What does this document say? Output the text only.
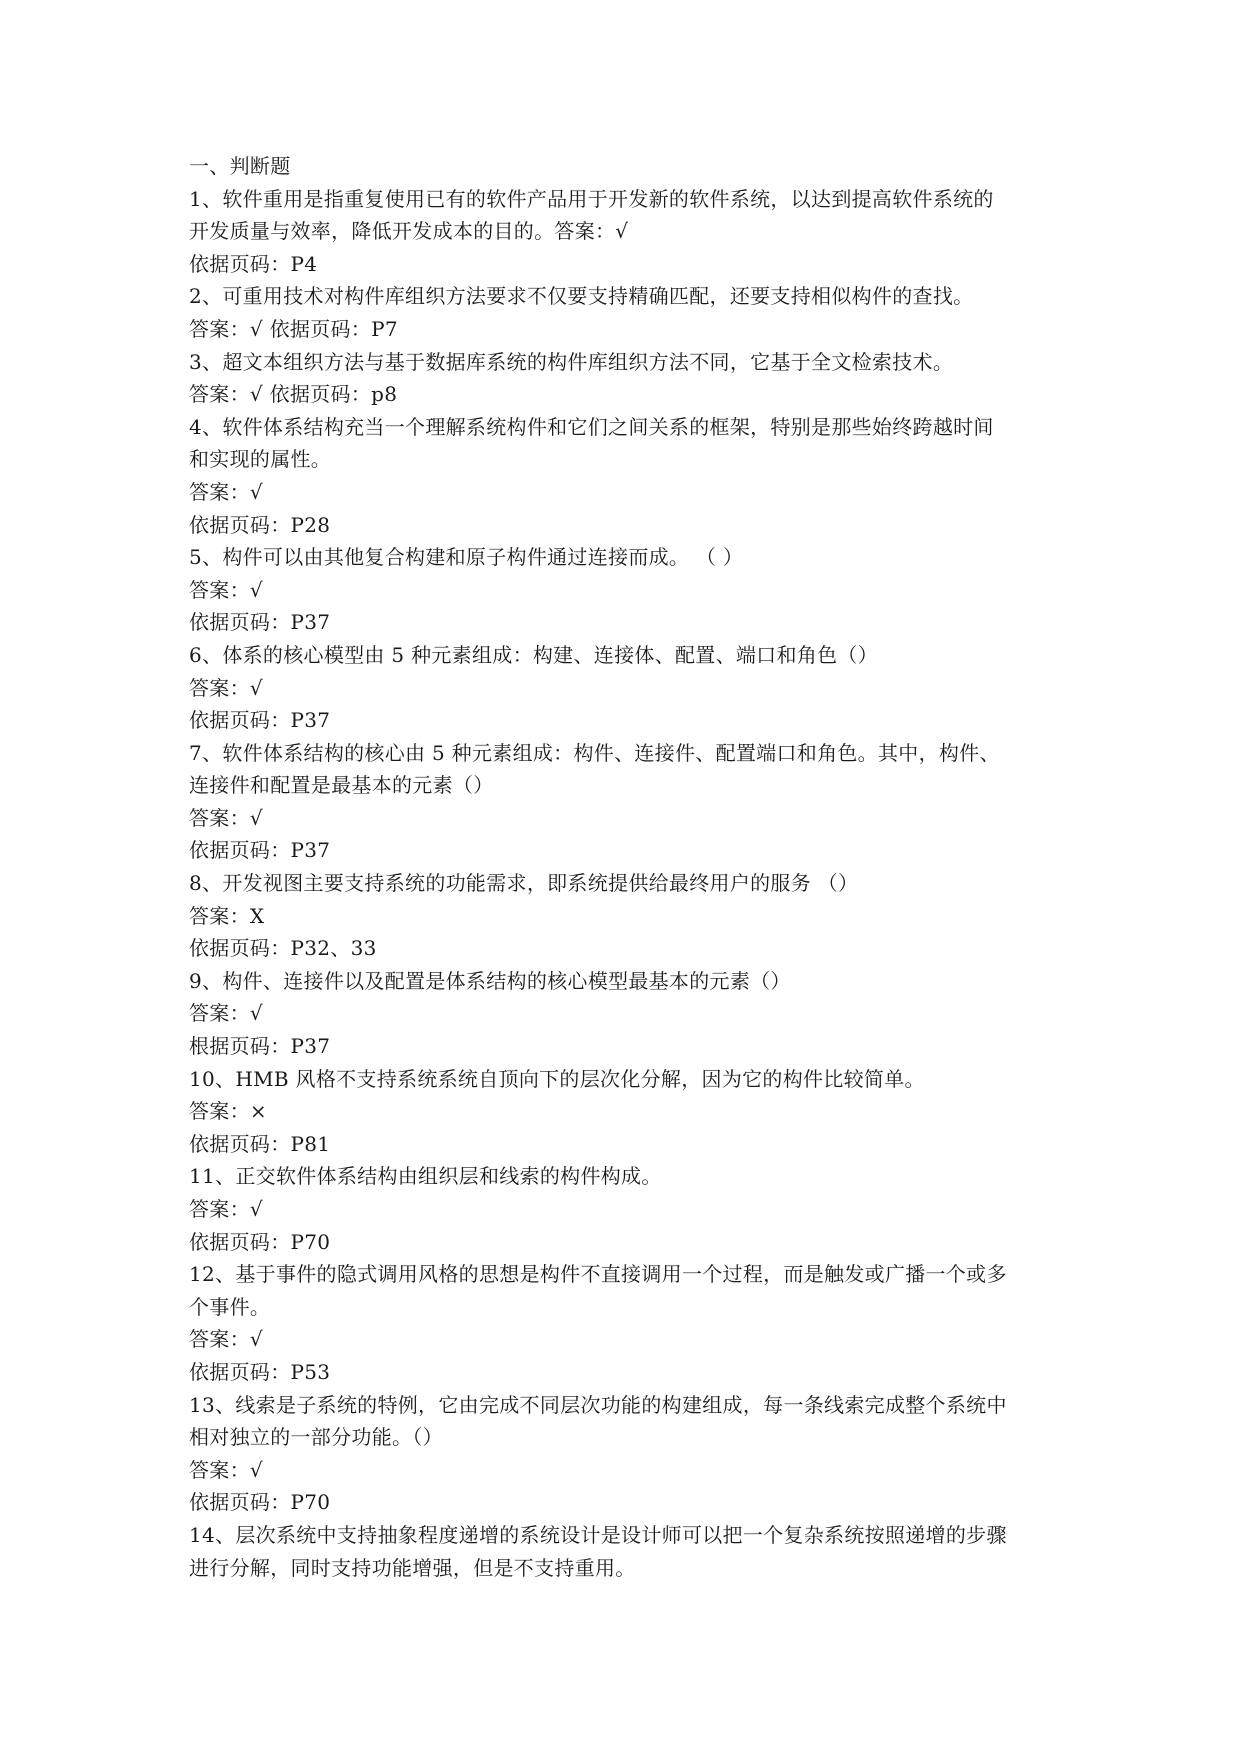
一、判断题
1、软件重用是指重复使用已有的软件产品用于开发新的软件系统，以达到提高软件系统的
开发质量与效率，降低开发成本的目的。答案：√
依据页码：P4
2、可重用技术对构件库组织方法要求不仅要支持精确匹配，还要支持相似构件的查找。
答案：√ 依据页码：P7
3、超文本组织方法与基于数据库系统的构件库组织方法不同，它基于全文检索技术。
答案：√ 依据页码：p8
4、软件体系结构充当一个理解系统构件和它们之间关系的框架，特别是那些始终跨越时间
和实现的属性。
答案：√
依据页码：P28
5、构件可以由其他复合构建和原子构件通过连接而成。 （ ）
答案：√
依据页码：P37
6、体系的核心模型由 5 种元素组成：构建、连接体、配置、端口和角色（）
答案：√
依据页码：P37
7、软件体系结构的核心由 5 种元素组成：构件、连接件、配置端口和角色。其中，构件、
连接件和配置是最基本的元素（）
答案：√
依据页码：P37
8、开发视图主要支持系统的功能需求，即系统提供给最终用户的服务 （）
答案：X
依据页码：P32、33
9、构件、连接件以及配置是体系结构的核心模型最基本的元素（）
答案：√
根据页码：P37
10、HMB 风格不支持系统系统自顶向下的层次化分解，因为它的构件比较简单。
答案：×
依据页码：P81
11、正交软件体系结构由组织层和线索的构件构成。
答案：√
依据页码：P70
12、基于事件的隐式调用风格的思想是构件不直接调用一个过程，而是触发或广播一个或多
个事件。
答案：√
依据页码：P53
13、线索是子系统的特例，它由完成不同层次功能的构建组成，每一条线索完成整个系统中
相对独立的一部分功能。（）
答案：√
依据页码：P70
14、层次系统中支持抽象程度递增的系统设计是设计师可以把一个复杂系统按照递增的步骤
进行分解，同时支持功能增强，但是不支持重用。
